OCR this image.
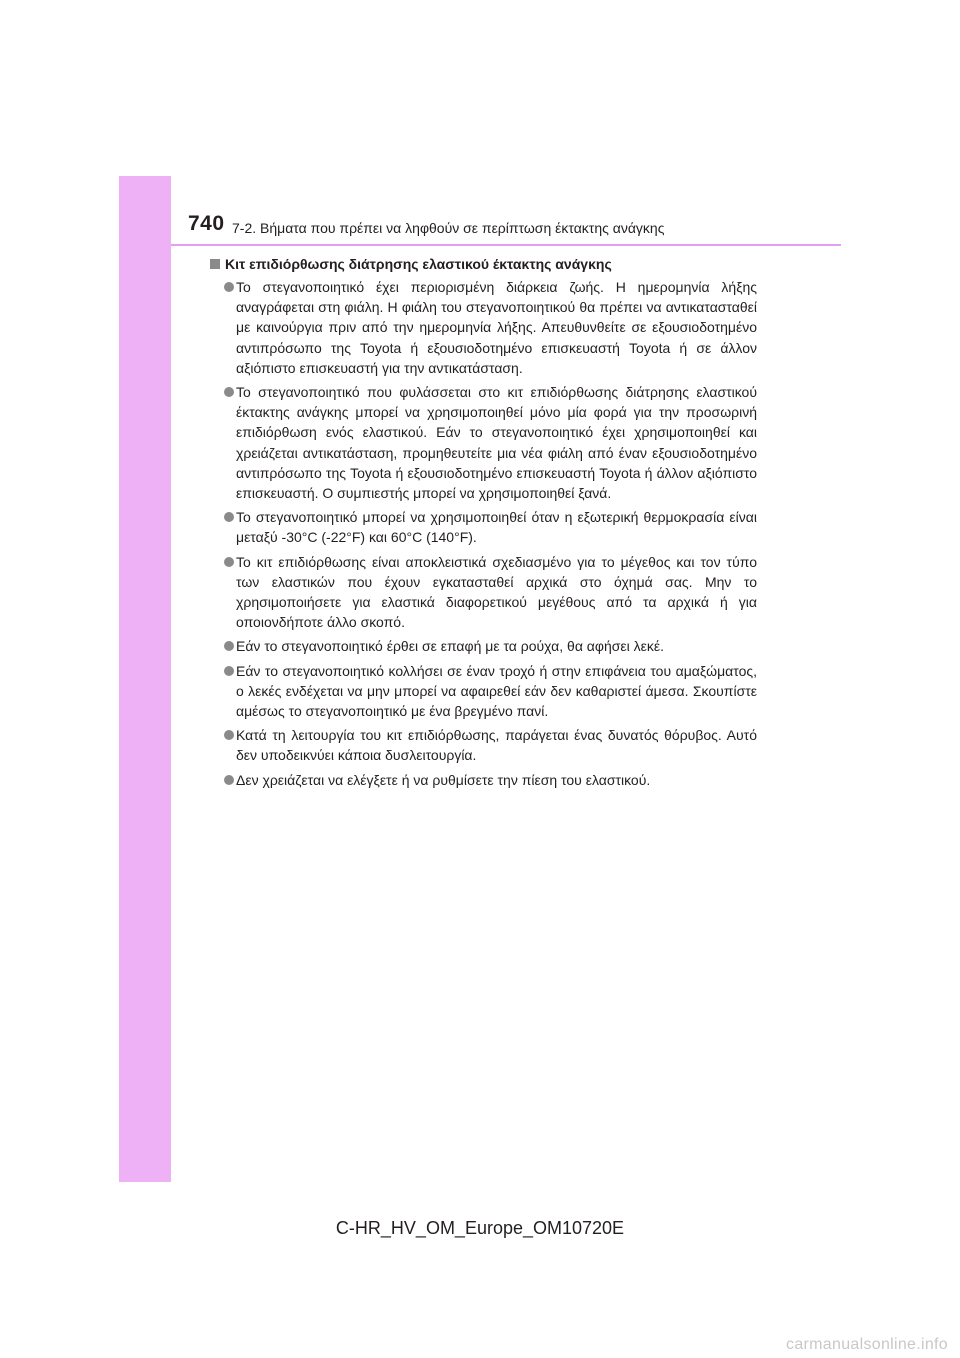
740 7-2. Βήματα που πρέπει να ληφθούν σε περίπτωση έκτακτης ανάγκης
Κιτ επιδιόρθωσης διάτρησης ελαστικού έκτακτης ανάγκης
Το στεγανοποιητικό έχει περιορισμένη διάρκεια ζωής. Η ημερομηνία λήξης αναγράφεται στη φιάλη. Η φιάλη του στεγανοποιητικού θα πρέπει να αντικατασταθεί με καινούργια πριν από την ημερομηνία λήξης. Απευθυνθείτε σε εξουσιοδοτημένο αντιπρόσωπο της Toyota ή εξουσιοδοτημένο επισκευαστή Toyota ή σε άλλον αξιόπιστο επισκευαστή για την αντικατάσταση.
Το στεγανοποιητικό που φυλάσσεται στο κιτ επιδιόρθωσης διάτρησης ελαστικού έκτακτης ανάγκης μπορεί να χρησιμοποιηθεί μόνο μία φορά για την προσωρινή επιδιόρθωση ενός ελαστικού. Εάν το στεγανοποιητικό έχει χρησιμοποιηθεί και χρειάζεται αντικατάσταση, προμηθευτείτε μια νέα φιάλη από έναν εξουσιοδοτημένο αντιπρόσωπο της Toyota ή εξουσιοδοτημένο επισκευαστή Toyota ή άλλον αξιόπιστο επισκευαστή. Ο συμπιεστής μπορεί να χρησιμοποιηθεί ξανά.
Το στεγανοποιητικό μπορεί να χρησιμοποιηθεί όταν η εξωτερική θερμοκρασία είναι μεταξύ -30°C (-22°F) και 60°C (140°F).
Το κιτ επιδιόρθωσης είναι αποκλειστικά σχεδιασμένο για το μέγεθος και τον τύπο των ελαστικών που έχουν εγκατασταθεί αρχικά στο όχημά σας. Μην το χρησιμοποιήσετε για ελαστικά διαφορετικού μεγέθους από τα αρχικά ή για οποιονδήποτε άλλο σκοπό.
Εάν το στεγανοποιητικό έρθει σε επαφή με τα ρούχα, θα αφήσει λεκέ.
Εάν το στεγανοποιητικό κολλήσει σε έναν τροχό ή στην επιφάνεια του αμαξώματος, ο λεκές ενδέχεται να μην μπορεί να αφαιρεθεί εάν δεν καθαριστεί άμεσα. Σκουπίστε αμέσως το στεγανοποιητικό με ένα βρεγμένο πανί.
Κατά τη λειτουργία του κιτ επιδιόρθωσης, παράγεται ένας δυνατός θόρυβος. Αυτό δεν υποδεικνύει κάποια δυσλειτουργία.
Δεν χρειάζεται να ελέγξετε ή να ρυθμίσετε την πίεση του ελαστικού.
C-HR_HV_OM_Europe_OM10720E
carmanualsonline.info
